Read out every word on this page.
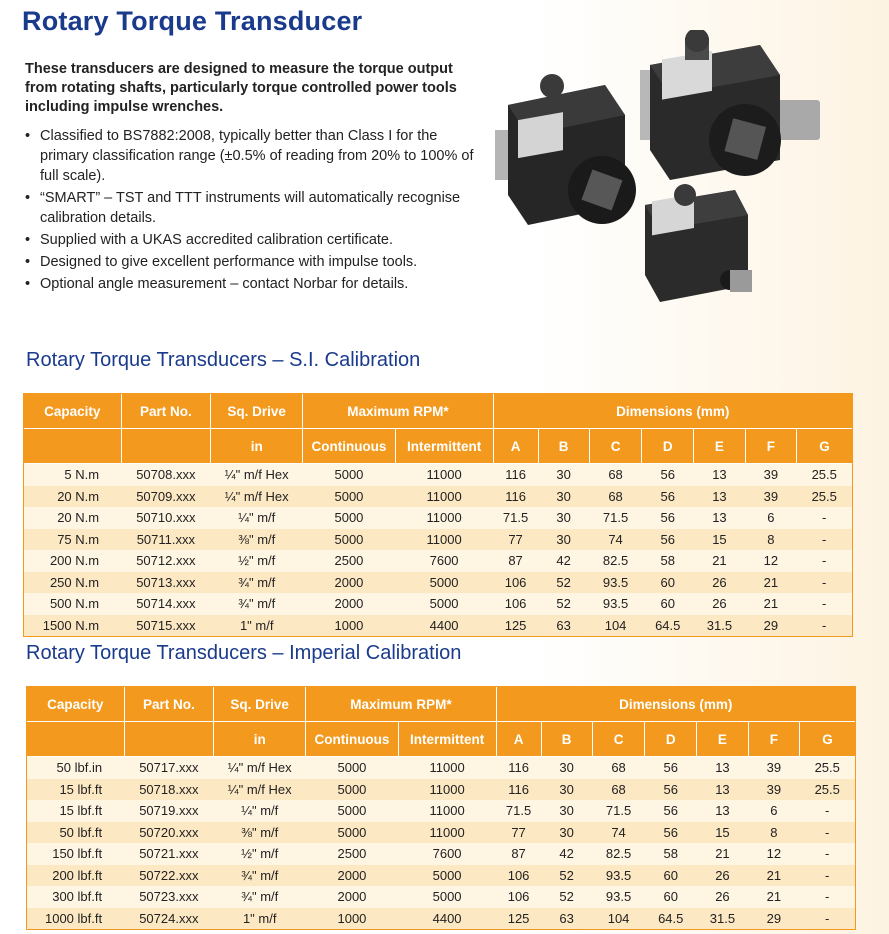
Rotary Torque Transducer
These transducers are designed to measure the torque output from rotating shafts, particularly torque controlled power tools including impulse wrenches.
• Classified to BS7882:2008, typically better than Class I for the primary classification range (±0.5% of reading from 20% to 100% of full scale).
• “SMART” – TST and TTT instruments will automatically recognise calibration details.
• Supplied with a UKAS accredited calibration certificate.
• Designed to give excellent performance with impulse tools.
• Optional angle measurement – contact Norbar for details.
Rotary Torque Transducers – S.I. Calibration
Capacity	Part No.	Sq. Drive	Maximum RPM*		Dimensions (mm)						
		in	Continuous	Intermittent	A	B	C	D	E	F	G
5 N.m	50708.xxx	¼" m/f Hex	5000	11000	116	30	68	56	13	39	25.5
20 N.m	50709.xxx	¼" m/f Hex	5000	11000	116	30	68	56	13	39	25.5
20 N.m	50710.xxx	¼" m/f	5000	11000	71.5	30	71.5	56	13	6	-
75 N.m	50711.xxx	⅜" m/f	5000	11000	77	30	74	56	15	8	-
200 N.m	50712.xxx	½" m/f	2500	7600	87	42	82.5	58	21	12	-
250 N.m	50713.xxx	¾" m/f	2000	5000	106	52	93.5	60	26	21	-
500 N.m	50714.xxx	¾" m/f	2000	5000	106	52	93.5	60	26	21	-
1500 N.m	50715.xxx	1" m/f	1000	4400	125	63	104	64.5	31.5	29	-
Rotary Torque Transducers – Imperial Calibration
Capacity	Part No.	Sq. Drive	Maximum RPM*		Dimensions (mm)						
		in	Continuous	Intermittent	A	B	C	D	E	F	G
50 lbf.in	50717.xxx	¼" m/f Hex	5000	11000	116	30	68	56	13	39	25.5
15 lbf.ft	50718.xxx	¼" m/f Hex	5000	11000	116	30	68	56	13	39	25.5
15 lbf.ft	50719.xxx	¼" m/f	5000	11000	71.5	30	71.5	56	13	6	-
50 lbf.ft	50720.xxx	⅜" m/f	5000	11000	77	30	74	56	15	8	-
150 lbf.ft	50721.xxx	½" m/f	2500	7600	87	42	82.5	58	21	12	-
200 lbf.ft	50722.xxx	¾" m/f	2000	5000	106	52	93.5	60	26	21	-
300 lbf.ft	50723.xxx	¾" m/f	2000	5000	106	52	93.5	60	26	21	-
1000 lbf.ft	50724.xxx	1" m/f	1000	4400	125	63	104	64.5	31.5	29	-
